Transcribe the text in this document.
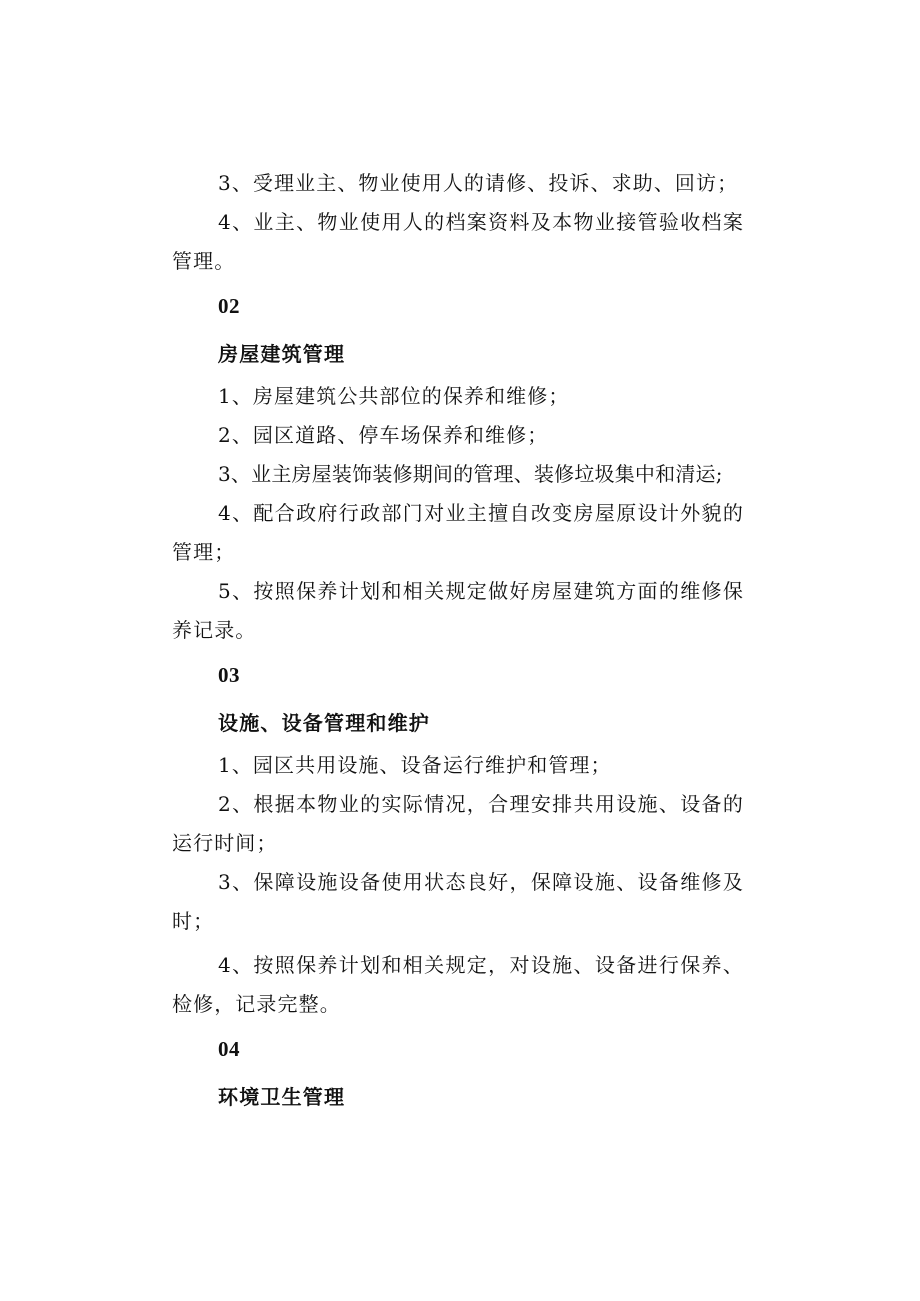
3、受理业主、物业使用人的请修、投诉、求助、回访；

4、业主、物业使用人的档案资料及本物业接管验收档案管理。

02

房屋建筑管理

1、房屋建筑公共部位的保养和维修；

2、园区道路、停车场保养和维修；

3、业主房屋装饰装修期间的管理、装修垃圾集中和清运;

4、配合政府行政部门对业主擅自改变房屋原设计外貌的管理；

5、按照保养计划和相关规定做好房屋建筑方面的维修保养记录。

03

设施、设备管理和维护

1、园区共用设施、设备运行维护和管理；

2、根据本物业的实际情况，合理安排共用设施、设备的运行时间；

3、保障设施设备使用状态良好，保障设施、设备维修及时；

4、按照保养计划和相关规定，对设施、设备进行保养、检修，记录完整。

04

环境卫生管理
